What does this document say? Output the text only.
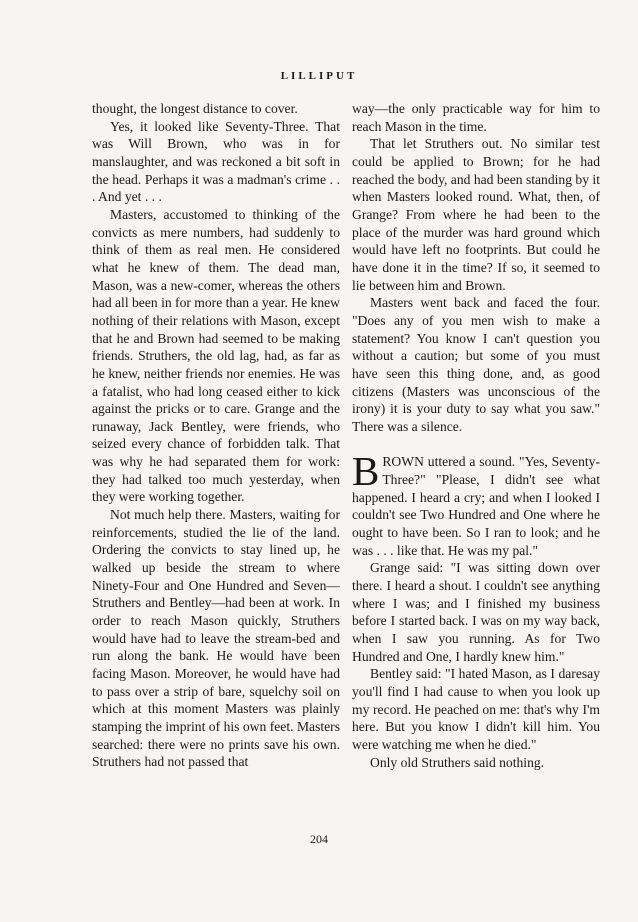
LILLIPUT

thought, the longest distance to cover.

Yes, it looked like Seventy-Three. That was Will Brown, who was in for manslaughter, and was reckoned a bit soft in the head. Perhaps it was a madman's crime . . . And yet . . .

Masters, accustomed to thinking of the convicts as mere numbers, had suddenly to think of them as real men. He considered what he knew of them. The dead man, Mason, was a new-comer, whereas the others had all been in for more than a year. He knew nothing of their relations with Mason, except that he and Brown had seemed to be making friends. Struthers, the old lag, had, as far as he knew, neither friends nor enemies. He was a fatalist, who had long ceased either to kick against the pricks or to care. Grange and the runaway, Jack Bentley, were friends, who seized every chance of forbidden talk. That was why he had separated them for work: they had talked too much yesterday, when they were working together.

Not much help there. Masters, waiting for reinforcements, studied the lie of the land. Ordering the convicts to stay lined up, he walked up beside the stream to where Ninety-Four and One Hundred and Seven—Struthers and Bentley—had been at work. In order to reach Mason quickly, Struthers would have had to leave the stream-bed and run along the bank. He would have been facing Mason. Moreover, he would have had to pass over a strip of bare, squelchy soil on which at this moment Masters was plainly stamping the imprint of his own feet. Masters searched: there were no prints save his own. Struthers had not passed that

way—the only practicable way for him to reach Mason in the time.

That let Struthers out. No similar test could be applied to Brown; for he had reached the body, and had been standing by it when Masters looked round. What, then, of Grange? From where he had been to the place of the murder was hard ground which would have left no footprints. But could he have done it in the time? If so, it seemed to lie between him and Brown.

Masters went back and faced the four. "Does any of you men wish to make a statement? You know I can't question you without a caution; but some of you must have seen this thing done, and, as good citizens (Masters was unconscious of the irony) it is your duty to say what you saw." There was a silence.

BROWN uttered a sound. "Yes, Seventy-Three?" "Please, I didn't see what happened. I heard a cry; and when I looked I couldn't see Two Hundred and One where he ought to have been. So I ran to look; and he was . . . like that. He was my pal."

Grange said: "I was sitting down over there. I heard a shout. I couldn't see anything where I was; and I finished my business before I started back. I was on my way back, when I saw you running. As for Two Hundred and One, I hardly knew him."

Bentley said: "I hated Mason, as I daresay you'll find I had cause to when you look up my record. He peached on me: that's why I'm here. But you know I didn't kill him. You were watching me when he died."

Only old Struthers said nothing.

204
